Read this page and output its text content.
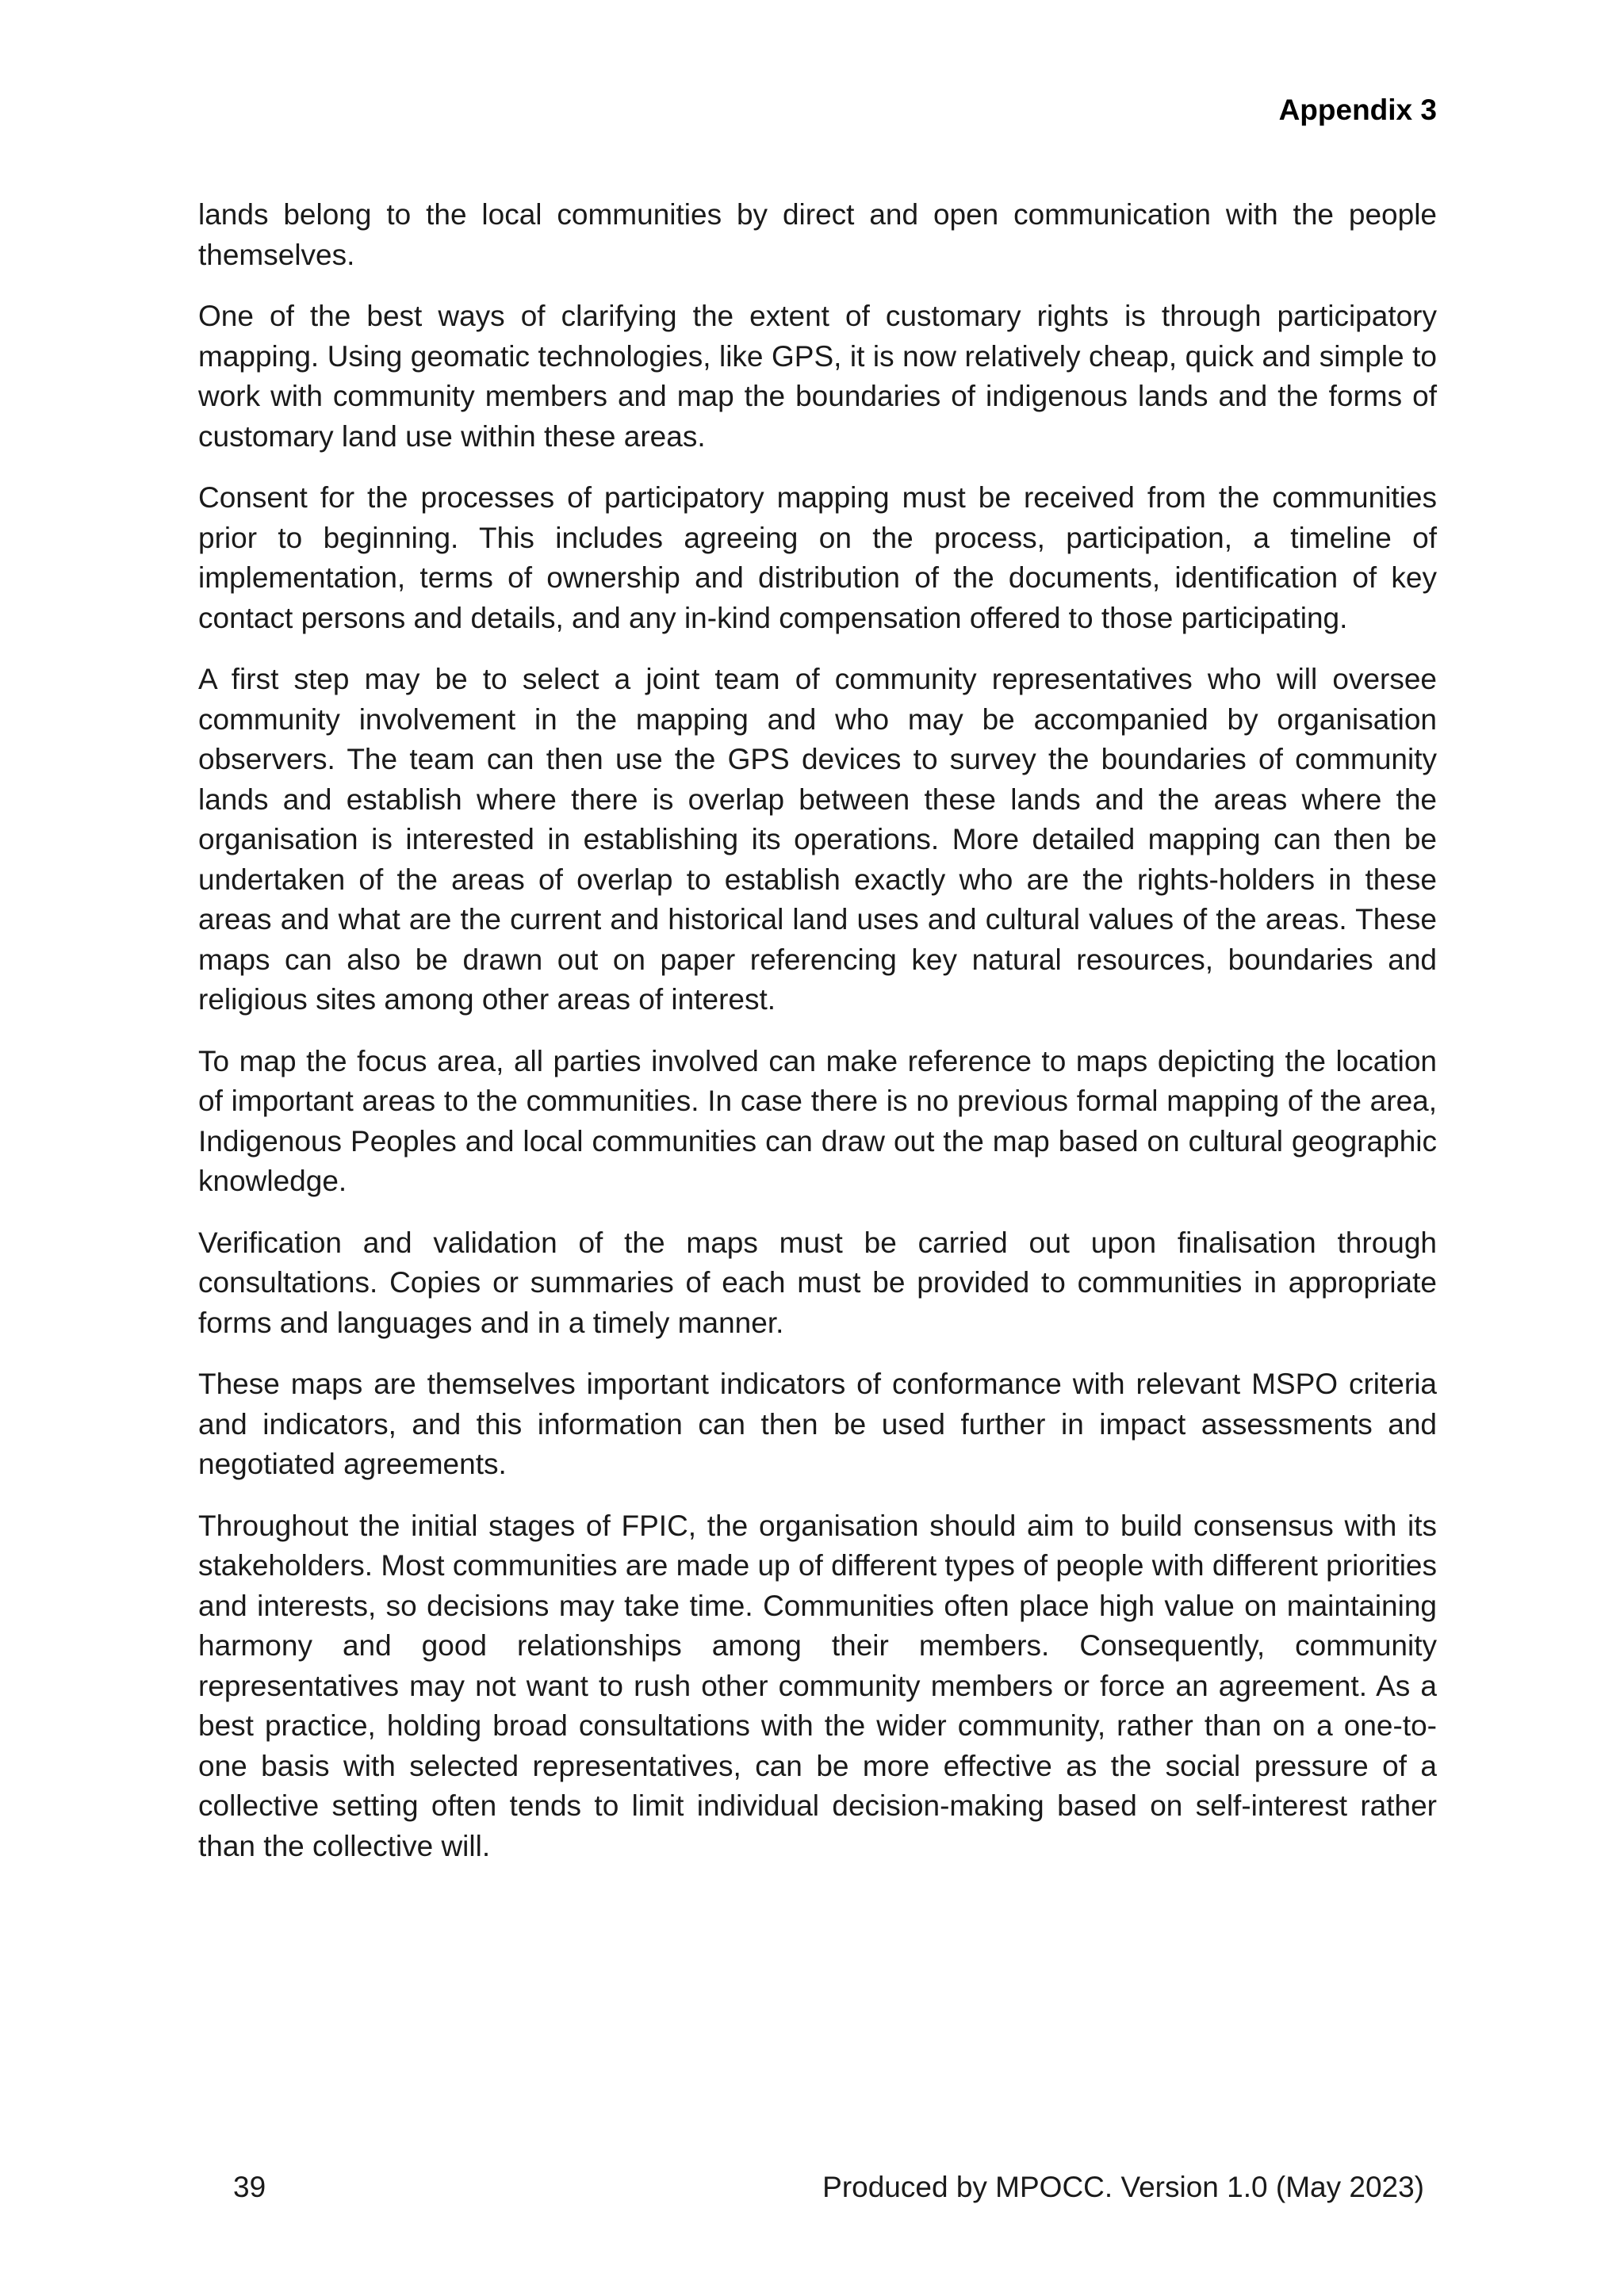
Appendix 3

lands belong to the local communities by direct and open communication with the people themselves.

One of the best ways of clarifying the extent of customary rights is through participatory mapping. Using geomatic technologies, like GPS, it is now relatively cheap, quick and simple to work with community members and map the boundaries of indigenous lands and the forms of customary land use within these areas.

Consent for the processes of participatory mapping must be received from the communities prior to beginning. This includes agreeing on the process, participation, a timeline of implementation, terms of ownership and distribution of the documents, identification of key contact persons and details, and any in-kind compensation offered to those participating.

A first step may be to select a joint team of community representatives who will oversee community involvement in the mapping and who may be accompanied by organisation observers. The team can then use the GPS devices to survey the boundaries of community lands and establish where there is overlap between these lands and the areas where the organisation is interested in establishing its operations. More detailed mapping can then be undertaken of the areas of overlap to establish exactly who are the rights-holders in these areas and what are the current and historical land uses and cultural values of the areas. These maps can also be drawn out on paper referencing key natural resources, boundaries and religious sites among other areas of interest.

To map the focus area, all parties involved can make reference to maps depicting the location of important areas to the communities. In case there is no previous formal mapping of the area, Indigenous Peoples and local communities can draw out the map based on cultural geographic knowledge.

Verification and validation of the maps must be carried out upon finalisation through consultations. Copies or summaries of each must be provided to communities in appropriate forms and languages and in a timely manner.

These maps are themselves important indicators of conformance with relevant MSPO criteria and indicators, and this information can then be used further in impact assessments and negotiated agreements.

Throughout the initial stages of FPIC, the organisation should aim to build consensus with its stakeholders. Most communities are made up of different types of people with different priorities and interests, so decisions may take time. Communities often place high value on maintaining harmony and good relationships among their members. Consequently, community representatives may not want to rush other community members or force an agreement. As a best practice, holding broad consultations with the wider community, rather than on a one-to-one basis with selected representatives, can be more effective as the social pressure of a collective setting often tends to limit individual decision-making based on self-interest rather than the collective will.

39	Produced by MPOCC. Version 1.0 (May 2023)
